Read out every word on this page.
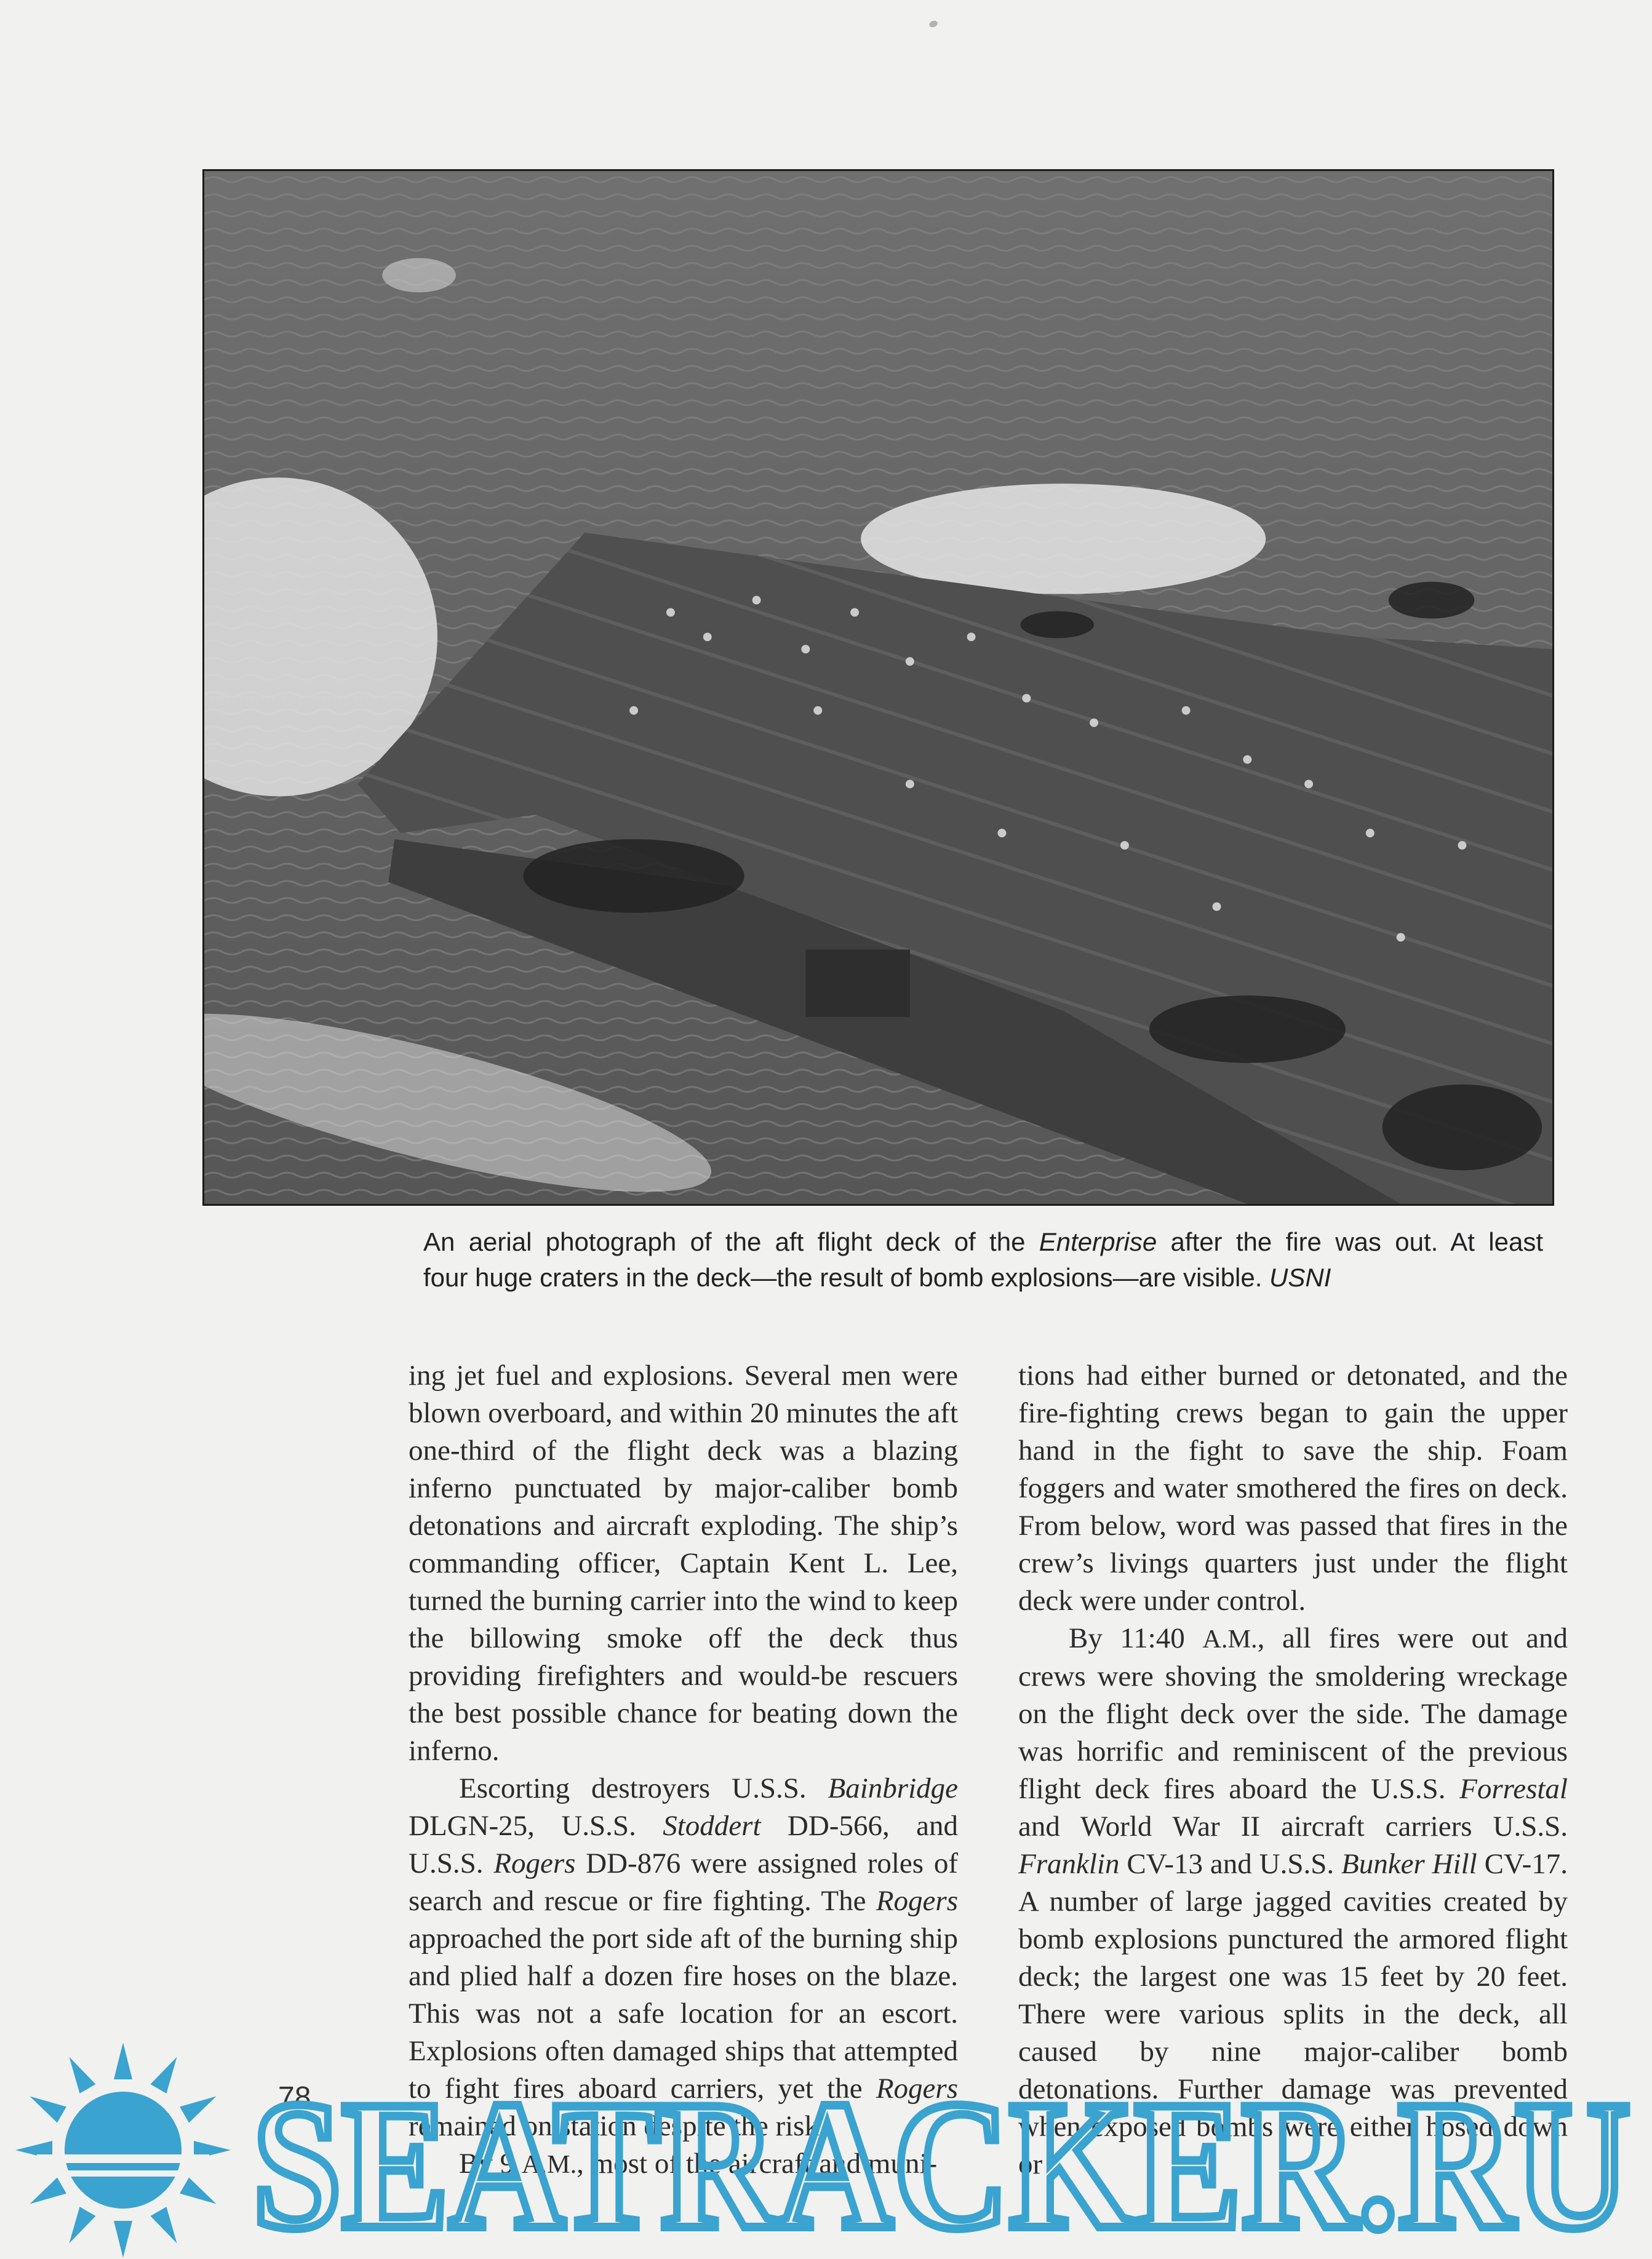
An aerial photograph of the aft flight deck of the Enterprise after the fire was out. At least
four huge craters in the deck—the result of bomb explosions—are visible. USNI

ing jet fuel and explosions. Several men were blown overboard, and within 20 minutes the aft one-third of the flight deck was a blazing inferno punctuated by major-caliber bomb detonations and aircraft exploding. The ship’s commanding officer, Captain Kent L. Lee, turned the burning carrier into the wind to keep the billowing smoke off the deck thus providing firefighters and would-be rescuers the best possible chance for beating down the inferno.

Escorting destroyers U.S.S. Bainbridge DLGN-25, U.S.S. Stoddert DD-566, and U.S.S. Rogers DD-876 were assigned roles of search and rescue or fire fighting. The Rogers approached the port side aft of the burning ship and plied half a dozen fire hoses on the blaze. This was not a safe location for an escort. Explosions often damaged ships that attempted to fight fires aboard carriers, yet the Rogers remained on station despite the risk.

By 9 A.M., most of the aircraft and muni-

tions had either burned or detonated, and the fire-fighting crews began to gain the upper hand in the fight to save the ship. Foam foggers and water smothered the fires on deck. From below, word was passed that fires in the crew’s livings quarters just under the flight deck were under control.

By 11:40 A.M., all fires were out and crews were shoving the smoldering wreckage on the flight deck over the side. The damage was horrific and reminiscent of the previous flight deck fires aboard the U.S.S. Forrestal and World War II aircraft carriers U.S.S. Franklin CV-13 and U.S.S. Bunker Hill CV-17. A number of large jagged cavities created by bomb explosions punctured the armored flight deck; the largest one was 15 feet by 20 feet. There were various splits in the deck, all caused by nine major-caliber bomb detonations. Further damage was prevented when exposed bombs were either hosed down or

78
SEATRACKER.RU
